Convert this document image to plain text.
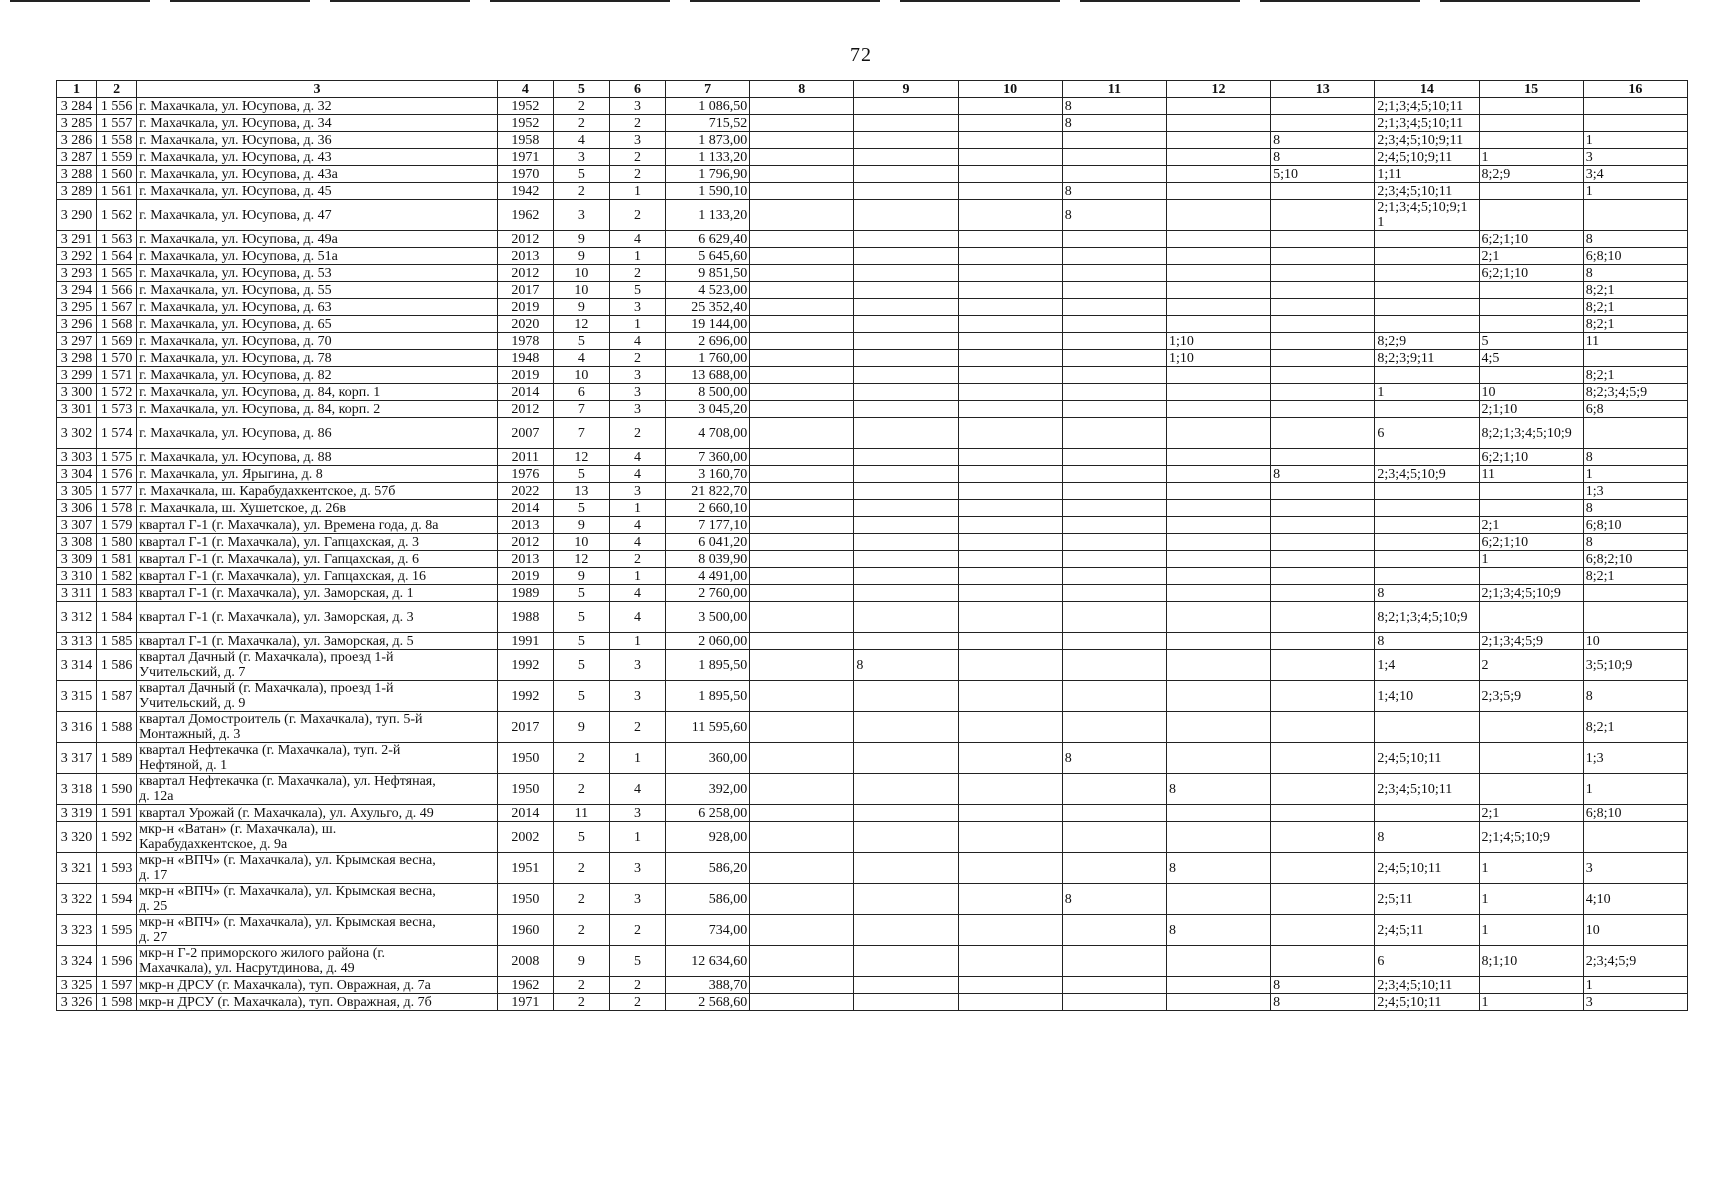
72
1	2	3	4	5	6	7	8	9	10	11	12	13	14	15	16
3 284	1 556	г. Махачкала, ул. Юсупова, д. 32	1952	2	3	1 086,50				8			2;1;3;4;5;10;11		
3 285	1 557	г. Махачкала, ул. Юсупова, д. 34	1952	2	2	715,52				8			2;1;3;4;5;10;11		
3 286	1 558	г. Махачкала, ул. Юсупова, д. 36	1958	4	3	1 873,00						8	2;3;4;5;10;9;11		1
3 287	1 559	г. Махачкала, ул. Юсупова, д. 43	1971	3	2	1 133,20						8	2;4;5;10;9;11	1	3
3 288	1 560	г. Махачкала, ул. Юсупова, д. 43а	1970	5	2	1 796,90						5;10	1;11	8;2;9	3;4
3 289	1 561	г. Махачкала, ул. Юсупова, д. 45	1942	2	1	1 590,10				8			2;3;4;5;10;11		1
3 290	1 562	г. Махачкала, ул. Юсупова, д. 47	1962	3	2	1 133,20				8			2;1;3;4;5;10;9;1
1		
3 291	1 563	г. Махачкала, ул. Юсупова, д. 49а	2012	9	4	6 629,40								6;2;1;10	8
3 292	1 564	г. Махачкала, ул. Юсупова, д. 51а	2013	9	1	5 645,60								2;1	6;8;10
3 293	1 565	г. Махачкала, ул. Юсупова, д. 53	2012	10	2	9 851,50								6;2;1;10	8
3 294	1 566	г. Махачкала, ул. Юсупова, д. 55	2017	10	5	4 523,00									8;2;1
3 295	1 567	г. Махачкала, ул. Юсупова, д. 63	2019	9	3	25 352,40									8;2;1
3 296	1 568	г. Махачкала, ул. Юсупова, д. 65	2020	12	1	19 144,00									8;2;1
3 297	1 569	г. Махачкала, ул. Юсупова, д. 70	1978	5	4	2 696,00					1;10		8;2;9	5	11
3 298	1 570	г. Махачкала, ул. Юсупова, д. 78	1948	4	2	1 760,00					1;10		8;2;3;9;11	4;5	
3 299	1 571	г. Махачкала, ул. Юсупова, д. 82	2019	10	3	13 688,00									8;2;1
3 300	1 572	г. Махачкала, ул. Юсупова, д. 84, корп. 1	2014	6	3	8 500,00							1	10	8;2;3;4;5;9
3 301	1 573	г. Махачкала, ул. Юсупова, д. 84, корп. 2	2012	7	3	3 045,20								2;1;10	6;8
3 302	1 574	г. Махачкала, ул. Юсупова, д. 86	2007	7	2	4 708,00							6	8;2;1;3;4;5;10;9	
3 303	1 575	г. Махачкала, ул. Юсупова, д. 88	2011	12	4	7 360,00								6;2;1;10	8
3 304	1 576	г. Махачкала, ул. Ярыгина, д. 8	1976	5	4	3 160,70						8	2;3;4;5;10;9	11	1
3 305	1 577	г. Махачкала, ш. Карабудахкентское, д. 57б	2022	13	3	21 822,70									1;3
3 306	1 578	г. Махачкала, ш. Хушетское, д. 26в	2014	5	1	2 660,10									8
3 307	1 579	квартал Г-1 (г. Махачкала), ул. Времена года, д. 8а	2013	9	4	7 177,10								2;1	6;8;10
3 308	1 580	квартал Г-1 (г. Махачкала), ул. Гапцахская, д. 3	2012	10	4	6 041,20								6;2;1;10	8
3 309	1 581	квартал Г-1 (г. Махачкала), ул. Гапцахская, д. 6	2013	12	2	8 039,90								1	6;8;2;10
3 310	1 582	квартал Г-1 (г. Махачкала), ул. Гапцахская, д. 16	2019	9	1	4 491,00									8;2;1
3 311	1 583	квартал Г-1 (г. Махачкала), ул. Заморская, д. 1	1989	5	4	2 760,00							8	2;1;3;4;5;10;9	
3 312	1 584	квартал Г-1 (г. Махачкала), ул. Заморская, д. 3	1988	5	4	3 500,00							8;2;1;3;4;5;10;9		
3 313	1 585	квартал Г-1 (г. Махачкала), ул. Заморская, д. 5	1991	5	1	2 060,00							8	2;1;3;4;5;9	10
3 314	1 586	квартал Дачный (г. Махачкала), проезд 1-й
Учительский, д. 7	1992	5	3	1 895,50		8					1;4	2	3;5;10;9
3 315	1 587	квартал Дачный (г. Махачкала), проезд 1-й
Учительский, д. 9	1992	5	3	1 895,50							1;4;10	2;3;5;9	8
3 316	1 588	квартал Домостроитель (г. Махачкала), туп. 5-й
Монтажный, д. 3	2017	9	2	11 595,60									8;2;1
3 317	1 589	квартал Нефтекачка (г. Махачкала), туп. 2-й
Нефтяной, д. 1	1950	2	1	360,00				8			2;4;5;10;11		1;3
3 318	1 590	квартал Нефтекачка (г. Махачкала), ул. Нефтяная,
д. 12а	1950	2	4	392,00					8		2;3;4;5;10;11		1
3 319	1 591	квартал Урожай (г. Махачкала), ул. Ахульго, д. 49	2014	11	3	6 258,00								2;1	6;8;10
3 320	1 592	мкр-н «Ватан» (г. Махачкала), ш.
Карабудахкентское, д. 9а	2002	5	1	928,00							8	2;1;4;5;10;9	
3 321	1 593	мкр-н «ВПЧ» (г. Махачкала), ул. Крымская весна,
д. 17	1951	2	3	586,20					8		2;4;5;10;11	1	3
3 322	1 594	мкр-н «ВПЧ» (г. Махачкала), ул. Крымская весна,
д. 25	1950	2	3	586,00				8			2;5;11	1	4;10
3 323	1 595	мкр-н «ВПЧ» (г. Махачкала), ул. Крымская весна,
д. 27	1960	2	2	734,00					8		2;4;5;11	1	10
3 324	1 596	мкр-н Г-2 приморского жилого района (г.
Махачкала), ул. Насрутдинова, д. 49	2008	9	5	12 634,60							6	8;1;10	2;3;4;5;9
3 325	1 597	мкр-н ДРСУ (г. Махачкала), туп. Овражная, д. 7а	1962	2	2	388,70						8	2;3;4;5;10;11		1
3 326	1 598	мкр-н ДРСУ (г. Махачкала), туп. Овражная, д. 7б	1971	2	2	2 568,60						8	2;4;5;10;11	1	3
